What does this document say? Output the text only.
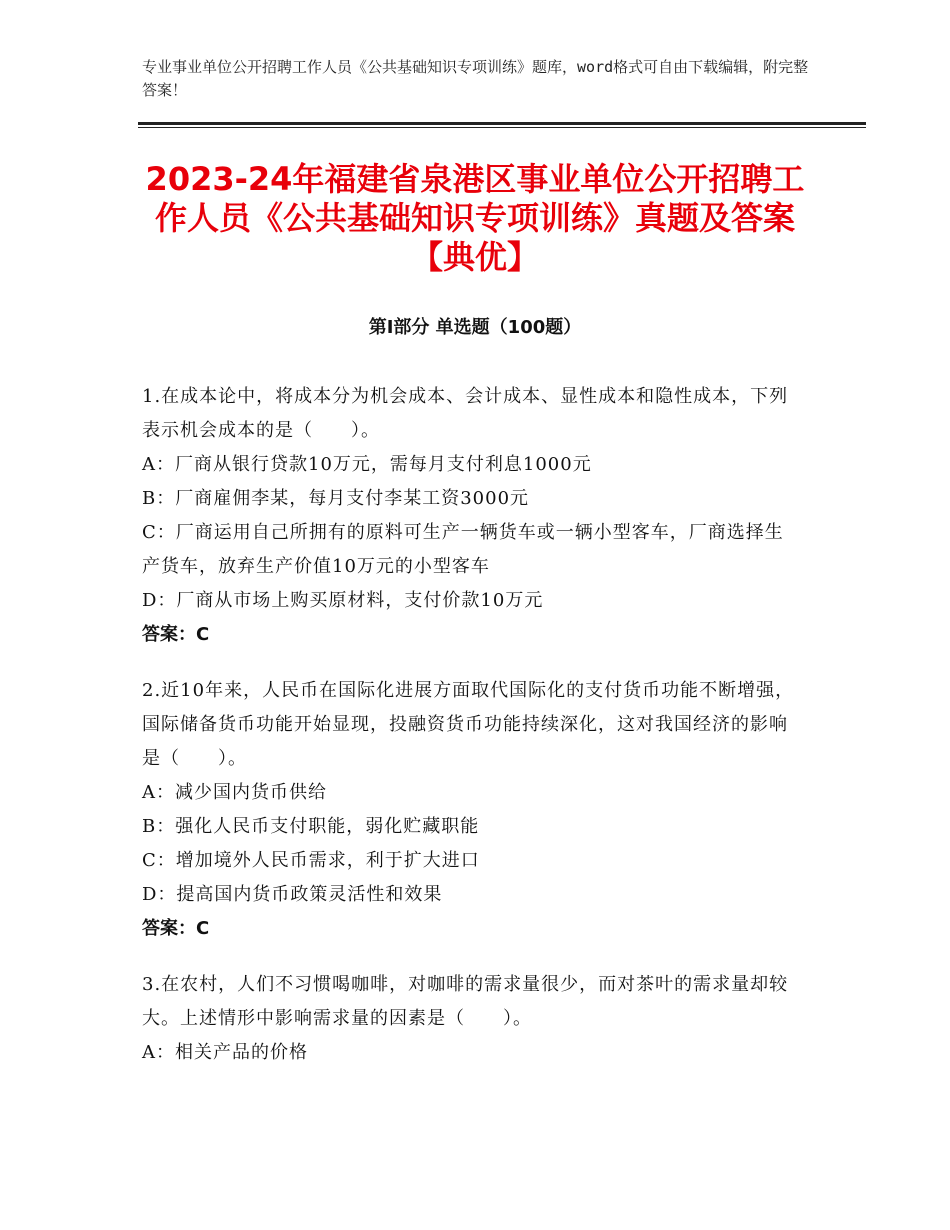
专业事业单位公开招聘工作人员《公共基础知识专项训练》题库，word格式可自由下载编辑，附完整答案！
2023-24年福建省泉港区事业单位公开招聘工作人员《公共基础知识专项训练》真题及答案【典优】
第Ⅰ部分 单选题（100题）

1.在成本论中，将成本分为机会成本、会计成本、显性成本和隐性成本，下列表示机会成本的是（　　）。

A：厂商从银行贷款10万元，需每月支付利息1000元

B：厂商雇佣李某，每月支付李某工资3000元

C：厂商运用自己所拥有的原料可生产一辆货车或一辆小型客车，厂商选择生产货车，放弃生产价值10万元的小型客车

D：厂商从市场上购买原材料，支付价款10万元

答案：C

2.近10年来，人民币在国际化进展方面取代国际化的支付货币功能不断增强，国际储备货币功能开始显现，投融资货币功能持续深化，这对我国经济的影响是（　　）。

A：减少国内货币供给

B：强化人民币支付职能，弱化贮藏职能

C：增加境外人民币需求，利于扩大进口

D：提高国内货币政策灵活性和效果

答案：C

3.在农村，人们不习惯喝咖啡，对咖啡的需求量很少，而对茶叶的需求量却较大。上述情形中影响需求量的因素是（　　）。

A：相关产品的价格
